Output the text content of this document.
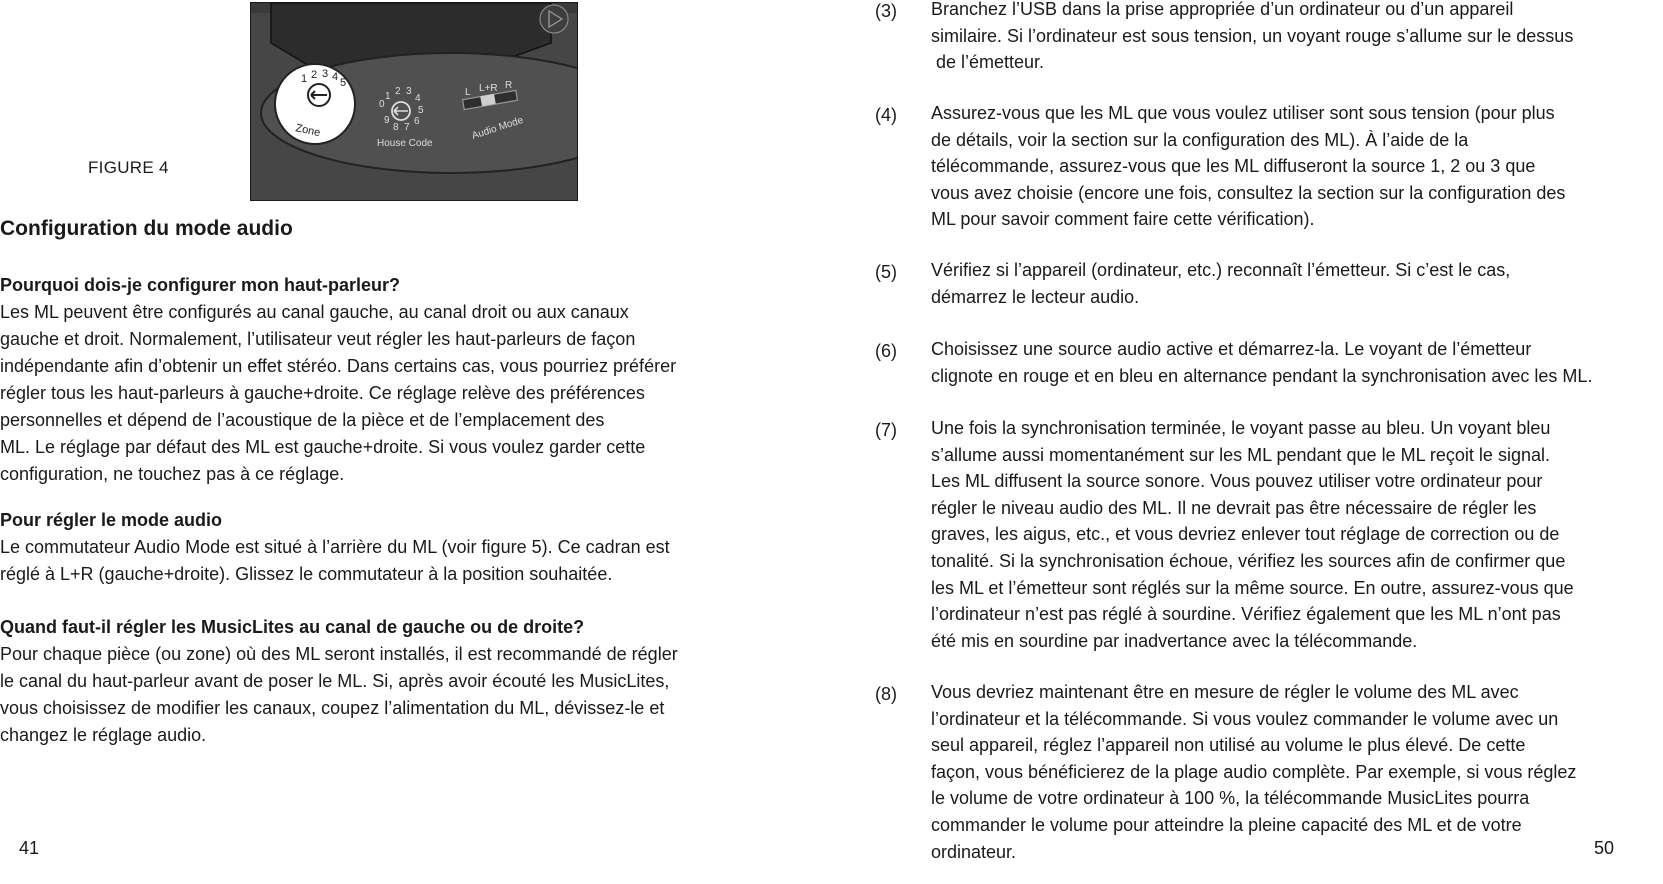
FIGURE 4
1 2 3 4 5
Zone
0
1 2 3
4
5
6
7
8
9
House Code
L L+R R
Audio Mode
Configuration du mode audio
Pourquoi dois-je configurer mon haut-parleur?
Les ML peuvent être configurés au canal gauche, au canal droit ou aux canaux
gauche et droit. Normalement, l’utilisateur veut régler les haut-parleurs de façon
indépendante afin d’obtenir un effet stéréo. Dans certains cas, vous pourriez préférer
régler tous les haut-parleurs à gauche+droite. Ce réglage relève des préférences
personnelles et dépend de l’acoustique de la pièce et de l’emplacement des
ML. Le réglage par défaut des ML est gauche+droite. Si vous voulez garder cette
configuration, ne touchez pas à ce réglage.
Pour régler le mode audio
Le commutateur Audio Mode est situé à l’arrière du ML (voir figure 5). Ce cadran est
réglé à L+R (gauche+droite). Glissez le commutateur à la position souhaitée.
Quand faut-il régler les MusicLites au canal de gauche ou de droite?
Pour chaque pièce (ou zone) où des ML seront installés, il est recommandé de régler
le canal du haut-parleur avant de poser le ML. Si, après avoir écouté les MusicLites,
vous choisissez de modifier les canaux, coupez l’alimentation du ML, dévissez-le et
changez le réglage audio.
41
(3) Branchez l’USB dans la prise appropriée d’un ordinateur ou d’un appareil
similaire. Si l’ordinateur est sous tension, un voyant rouge s’allume sur le dessus
de l’émetteur.
(4) Assurez-vous que les ML que vous voulez utiliser sont sous tension (pour plus
de détails, voir la section sur la configuration des ML). À l’aide de la
télécommande, assurez-vous que les ML diffuseront la source 1, 2 ou 3 que
vous avez choisie (encore une fois, consultez la section sur la configuration des
ML pour savoir comment faire cette vérification).
(5) Vérifiez si l’appareil (ordinateur, etc.) reconnaît l’émetteur. Si c’est le cas,
démarrez le lecteur audio.
(6) Choisissez une source audio active et démarrez-la. Le voyant de l’émetteur
clignote en rouge et en bleu en alternance pendant la synchronisation avec les ML.
(7) Une fois la synchronisation terminée, le voyant passe au bleu. Un voyant bleu
s’allume aussi momentanément sur les ML pendant que le ML reçoit le signal.
Les ML diffusent la source sonore. Vous pouvez utiliser votre ordinateur pour
régler le niveau audio des ML. Il ne devrait pas être nécessaire de régler les
graves, les aigus, etc., et vous devriez enlever tout réglage de correction ou de
tonalité. Si la synchronisation échoue, vérifiez les sources afin de confirmer que
les ML et l’émetteur sont réglés sur la même source. En outre, assurez-vous que
l’ordinateur n’est pas réglé à sourdine. Vérifiez également que les ML n’ont pas
été mis en sourdine par inadvertance avec la télécommande.
(8) Vous devriez maintenant être en mesure de régler le volume des ML avec
l’ordinateur et la télécommande. Si vous voulez commander le volume avec un
seul appareil, réglez l’appareil non utilisé au volume le plus élevé. De cette
façon, vous bénéficierez de la plage audio complète. Par exemple, si vous réglez
le volume de votre ordinateur à 100 %, la télécommande MusicLites pourra
commander le volume pour atteindre la pleine capacité des ML et de votre
ordinateur.	50
